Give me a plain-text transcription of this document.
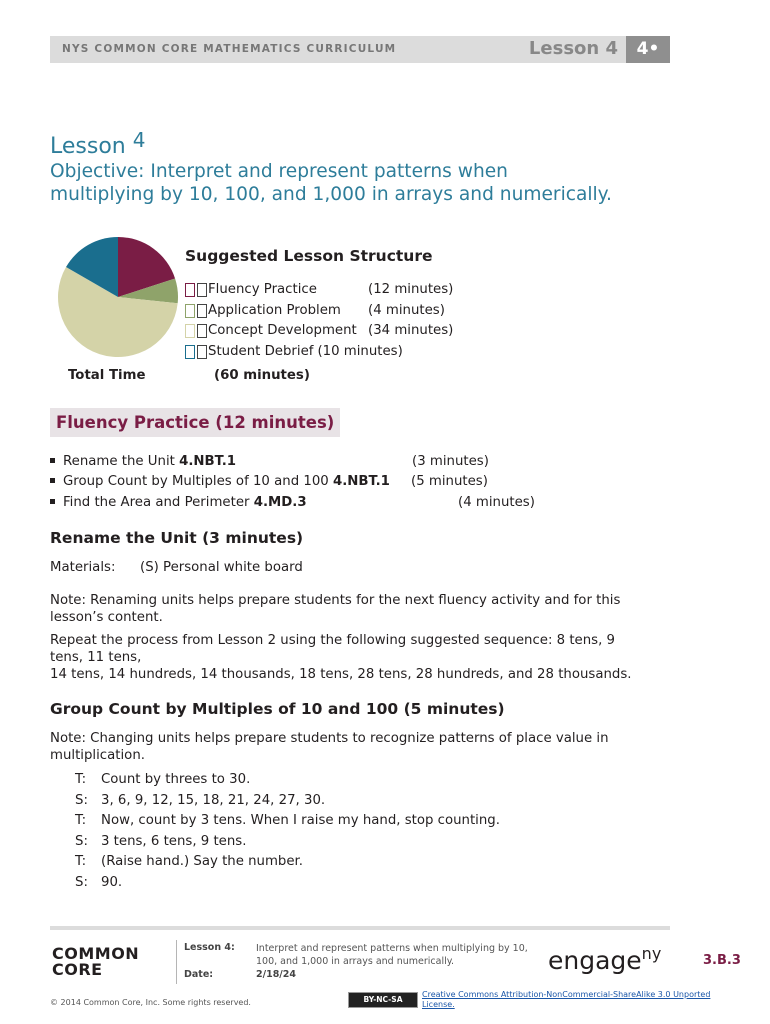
NYS COMMON CORE MATHEMATICS CURRICULUM	Lesson 4	4•
Lesson $^4$
Objective: Interpret and represent patterns when
multiplying by 10, 100, and 1,000 in arrays and numerically.
Suggested Lesson Structure
Fluency Practice	(12 minutes)
Application Problem	(4 minutes)
Concept Development (34 minutes)
Student Debrief (10 minutes)
Total Time	(60 minutes)
Fluency Practice (12 minutes)
Rename the Unit 4.NBT.1	(3 minutes)
Group Count by Multiples of 10 and 100 4.NBT.1 (5 minutes)
Find the Area and Perimeter 4.MD.3	(4 minutes)
Rename the Unit (3 minutes)
Materials: (S) Personal white board
Note: Renaming units helps prepare students for the next fluency activity and for this
lesson’s content.
Repeat the process from Lesson 2 using the following suggested sequence: 8 tens, 9
tens, 11 tens,
14 tens, 14 hundreds, 14 thousands, 18 tens, 28 tens, 28 hundreds, and 28 thousands.
Group Count by Multiples of 10 and 100 (5 minutes)
Note: Changing units helps prepare students to recognize patterns of place value in
multiplication.
T: Count by threes to 30.
S: 3, 6, 9, 12, 15, 18, 21, 24, 27, 30.
T: Now, count by 3 tens. When I raise my hand, stop counting.
S: 3 tens, 6 tens, 9 tens.
T: (Raise hand.) Say the number.
S: 90.
COMMON
CORE
Lesson 4:
Date:
Interpret and represent patterns when multiplying by 10,
100, and 1,000 in arrays and numerically.
2/18/24	engage$^{ny}$	3.B.3
© 2014 Common Core, Inc. Some rights reserved.	BY-NC-SA
Creative Commons Attribution-NonCommercial-ShareAlike 3.0 Unported
License.
